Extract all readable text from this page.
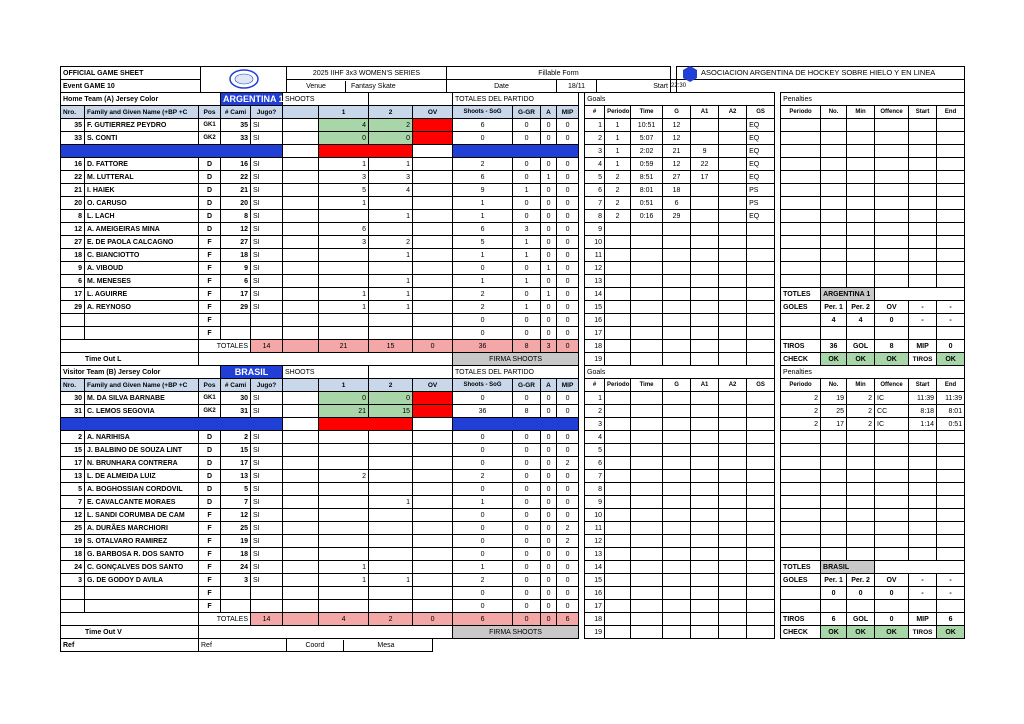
OFFICIAL GAME SHEET		2025 IIHF 3x3 WOMEN'S SERIES	Fillable Form				ASOCIACION ARGENTINA DE HOCKEY SOBRE HIELO Y EN LINEA	
Event GAME 10		Venue Fantasy Skate	Date	18/11	Start	22:30		
Home Team (A) Jersey Color			ARGENTINA 1		SHOOTS				TOTALES DEL PARTIDO					Goals								Penalties					
Nro.	Family and Given Name (+BP +C	Pos	# Cami	Jugo?		1	2	OV	Shoots - SoG	G-GR	A	MIP		#	Periodo	Time	G	A1	A2	GS		Periodo	No.	Min	Offence	Start	End
35	F. GUTIERREZ PEYDRO	GK1	35	SI		4	2		6	0	0	0		1	1	10:51	12			EQ							
33	S. CONTI	GK2	33	SI		0	0		0	0	0	0		2	1	5:07	12			EQ							
														3	1	2:02	21	9		EQ							
16	D. FATTORE	D	16	SI		1	1		2	0	0	0		4	1	0:59	12	22		EQ							
22	M. LUTTERAL	D	22	SI		3	3		6	0	1	0		5	2	8:51	27	17		EQ							
21	I. HAIEK	D	21	SI		5	4		9	1	0	0		6	2	8:01	18			PS							
20	O. CARUSO	D	20	SI		1			1	0	0	0		7	2	0:51	6			PS							
8	L. LACH	D	8	SI			1		1	0	0	0		8	2	0:16	29			EQ							
12	A. AMEIGEIRAS MINA	D	12	SI		6			6	3	0	0		9													
27	E. DE PAOLA CALCAGNO	F	27	SI		3	2		5	1	0	0		10													
18	C. BIANCIOTTO	F	18	SI			1		1	1	0	0		11													
9	A. VIBOUD	F	9	SI					0	0	1	0		12													
6	M. MENESES	F	6	SI			1		1	1	0	0		13													
17	L. AGUIRRE	F	17	SI		1	1		2	0	1	0		14								TOTLES	ARGENTINA 1				
29	A. REYNOSO	F	29	SI		1	1		2	1	0	0		15								GOLES	Per. 1	Per. 2	OV	-	-
		F							0	0	0	0		16									4	4	0	-	-
		F							0	0	0	0		17													
		TOTALES		14		21	15	0	36	8	3	0		18								TIROS	36	GOL	8	MIP	0
Time Out L									FIRMA SHOOTS					19								CHECK	OK	OK	OK	TIROS	OK
Visitor Team (B) Jersey Color			BRASIL		SHOOTS				TOTALES DEL PARTIDO					Goals								Penalties					
Nro.	Family and Given Name (+BP +C	Pos	# Cami	Jugo?		1	2	OV	Shoots - SoG	G-GR	A	MIP		#	Periodo	Time	G	A1	A2	GS		Periodo	No.	Min	Offence	Start	End
30	M. DA SILVA BARNABE	GK1	30	SI		0	0		0	0	0	0		1								2	19	2	IC	11:39	11:39
31	C. LEMOS SEGOVIA	GK2	31	SI		21	15		36	8	0	0		2								2	25	2	CC	8:18	8:01
														3								2	17	2	IC	1:14	0:51
2	A. NARIHISA	D	2	SI					0	0	0	0		4													
15	J. BALBINO DE SOUZA LINT	D	15	SI					0	0	0	0		5													
17	N. BRUNHARA CONTRERA	D	17	SI					0	0	0	2		6													
13	L. DE ALMEIDA LUIZ	D	13	SI		2			2	0	0	0		7													
5	A. BOGHOSSIAN CORDOVIL	D	5	SI					0	0	0	0		8													
7	E. CAVALCANTE MORAES	D	7	SI			1		1	0	0	0		9													
12	L. SANDI CORUMBA DE CAM	F	12	SI					0	0	0	0		10													
25	A. DURÃES MARCHIORI	F	25	SI					0	0	0	2		11													
19	S. OTALVARO RAMIREZ	F	19	SI					0	0	0	2		12													
18	G. BARBOSA R. DOS SANTO	F	18	SI					0	0	0	0		13													
24	C. GONÇALVES DOS SANTO	F	24	SI		1			1	0	0	0		14								TOTLES	BRASIL				
3	G. DE GODOY D AVILA	F	3	SI		1	1		2	0	0	0		15								GOLES	Per. 1	Per. 2	OV	-	-
		F							0	0	0	0		16									0	0	0	-	-
		F							0	0	0	0		17													
		TOTALES		14		4	2	0	6	0	0	6		18								TIROS	6	GOL	0	MIP	6
Time Out V									FIRMA SHOOTS					19								CHECK	OK	OK	OK	TIROS	OK
Ref	Ref	Coord	Mesa	
